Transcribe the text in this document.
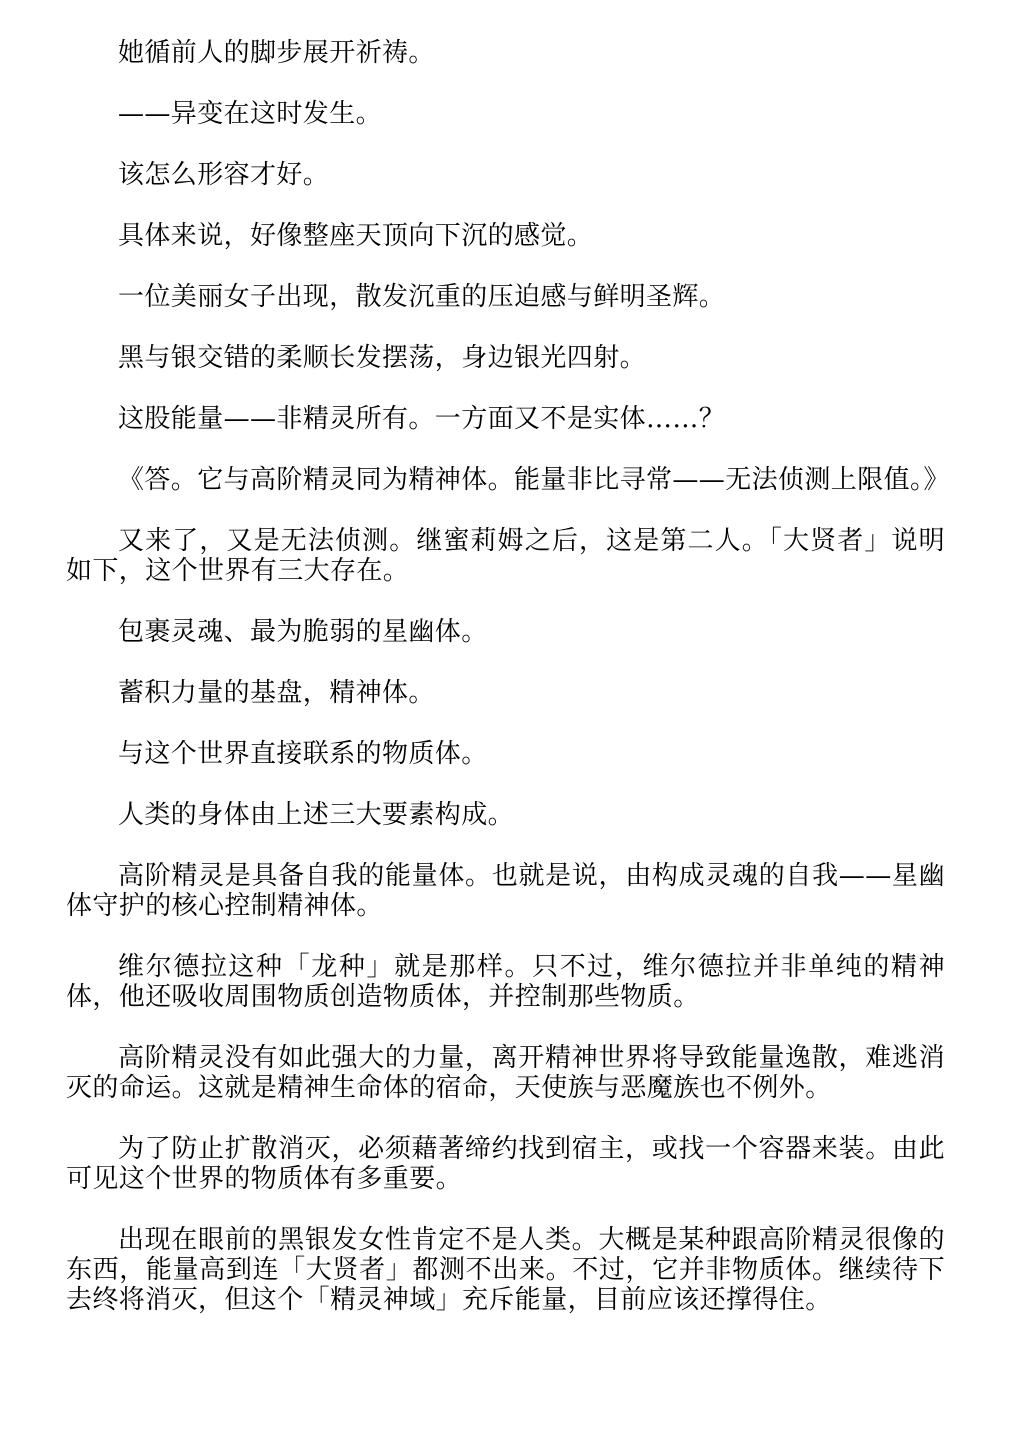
她循前人的脚步展开祈祷。

——异变在这时发生。

该怎么形容才好。

具体来说，好像整座天顶向下沉的感觉。

一位美丽女子出现，散发沉重的压迫感与鲜明圣辉。

黑与银交错的柔顺长发摆荡，身边银光四射。

这股能量——非精灵所有。一方面又不是实体……？

《答。它与高阶精灵同为精神体。能量非比寻常——无法侦测上限值。》

又来了，又是无法侦测。继蜜莉姆之后，这是第二人。「大贤者」说明如下，这个世界有三大存在。

包裹灵魂、最为脆弱的星幽体。

蓄积力量的基盘，精神体。

与这个世界直接联系的物质体。

人类的身体由上述三大要素构成。

高阶精灵是具备自我的能量体。也就是说，由构成灵魂的自我——星幽体守护的核心控制精神体。

维尔德拉这种「龙种」就是那样。只不过，维尔德拉并非单纯的精神体，他还吸收周围物质创造物质体，并控制那些物质。

高阶精灵没有如此强大的力量，离开精神世界将导致能量逸散，难逃消灭的命运。这就是精神生命体的宿命，天使族与恶魔族也不例外。

为了防止扩散消灭，必须藉著缔约找到宿主，或找一个容器来装。由此可见这个世界的物质体有多重要。

出现在眼前的黑银发女性肯定不是人类。大概是某种跟高阶精灵很像的东西，能量高到连「大贤者」都测不出来。不过，它并非物质体。继续待下去终将消灭，但这个「精灵神域」充斥能量，目前应该还撑得住。
